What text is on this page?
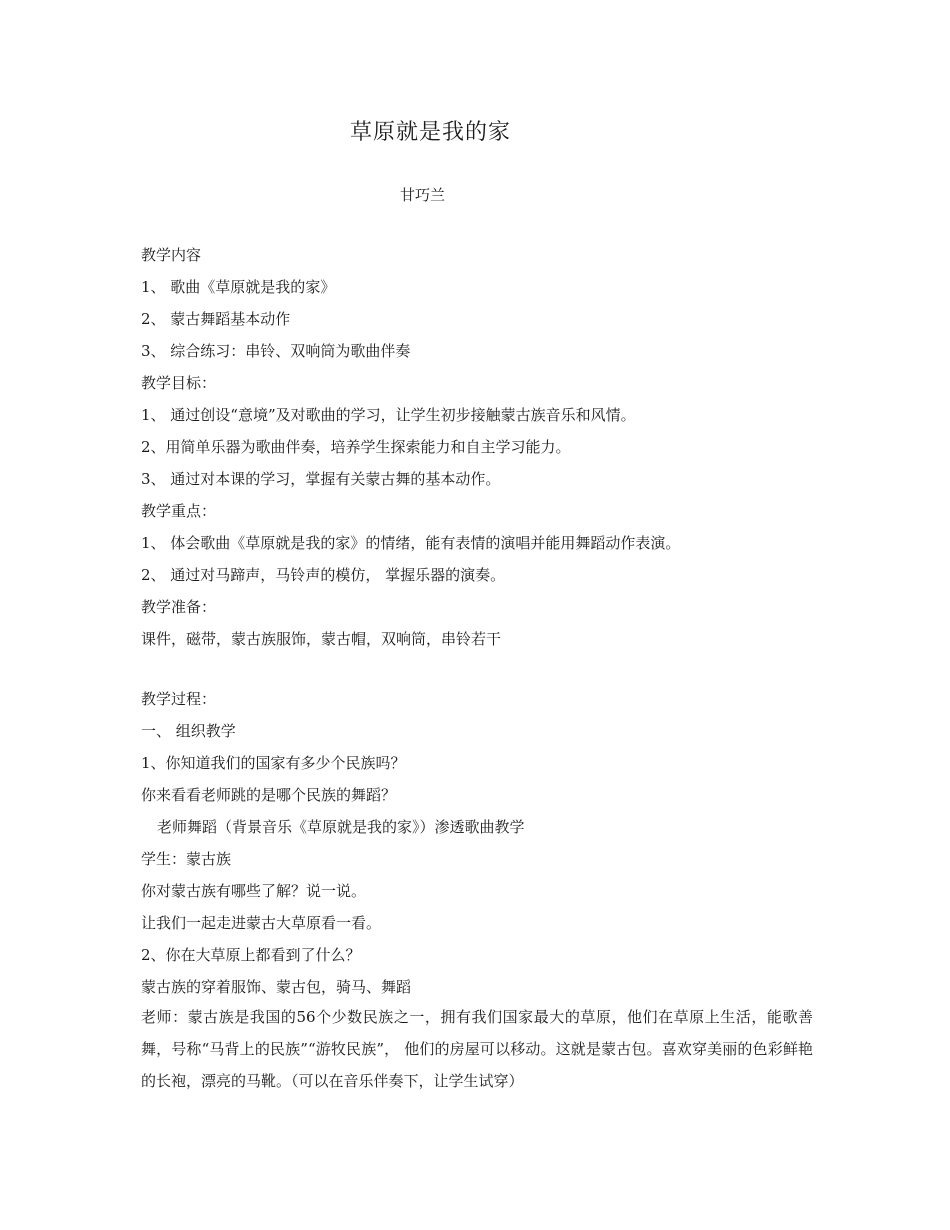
草原就是我的家
甘巧兰
教学内容
1、 歌曲《草原就是我的家》
2、 蒙古舞蹈基本动作
3、 综合练习：串铃、双响筒为歌曲伴奏
教学目标：
1、 通过创设“意境”及对歌曲的学习，让学生初步接触蒙古族音乐和风情。
2、用简单乐器为歌曲伴奏，培养学生探索能力和自主学习能力。
3、 通过对本课的学习，掌握有关蒙古舞的基本动作。
教学重点：
1、 体会歌曲《草原就是我的家》的情绪，能有表情的演唱并能用舞蹈动作表演。
2、 通过对马蹄声，马铃声的模仿， 掌握乐器的演奏。
教学准备：
课件，磁带，蒙古族服饰，蒙古帽，双响筒，串铃若干
教学过程：
一、 组织教学
1、你知道我们的国家有多少个民族吗？
你来看看老师跳的是哪个民族的舞蹈？
老师舞蹈（背景音乐《草原就是我的家》）渗透歌曲教学
学生：蒙古族
你对蒙古族有哪些了解？说一说。
让我们一起走进蒙古大草原看一看。
2、你在大草原上都看到了什么？
蒙古族的穿着服饰、蒙古包，骑马、舞蹈
老师：蒙古族是我国的56个少数民族之一，拥有我们国家最大的草原，他们在草原上生活，能歌善舞，号称“马背上的民族”“游牧民族”， 他们的房屋可以移动。这就是蒙古包。喜欢穿美丽的色彩鲜艳的长袍，漂亮的马靴。（可以在音乐伴奏下，让学生试穿）
